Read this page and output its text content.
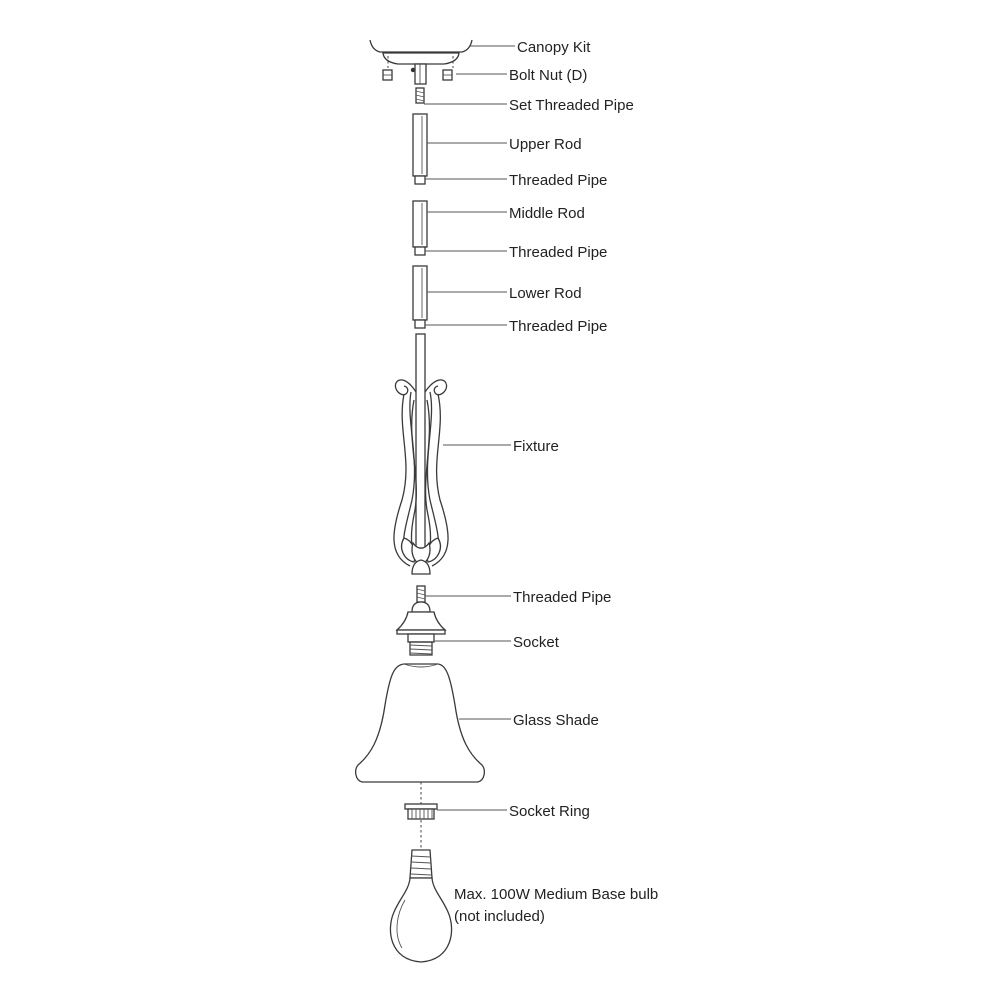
Canopy Kit
Bolt Nut (D)
Set Threaded Pipe
Upper Rod
Threaded Pipe
Middle Rod
Threaded Pipe
Lower Rod
Threaded Pipe
Fixture
Threaded Pipe
Socket
Glass Shade
Socket Ring
Max. 100W Medium Base bulb
(not included)
